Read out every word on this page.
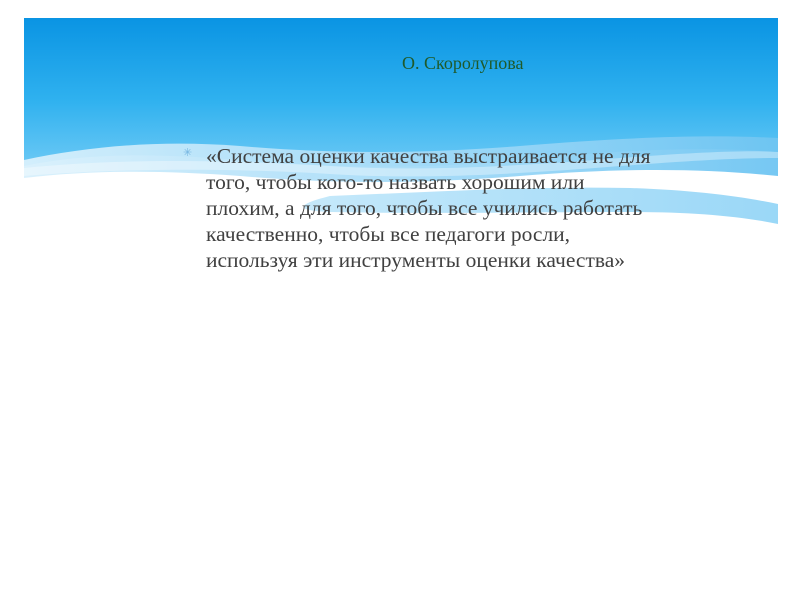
О. Скоролупова
✳ «Система оценки качества выстраивается не для
того, чтобы кого-то назвать хорошим или
плохим, а для того, чтобы все учились работать
качественно, чтобы все педагоги росли,
используя эти инструменты оценки качества»
